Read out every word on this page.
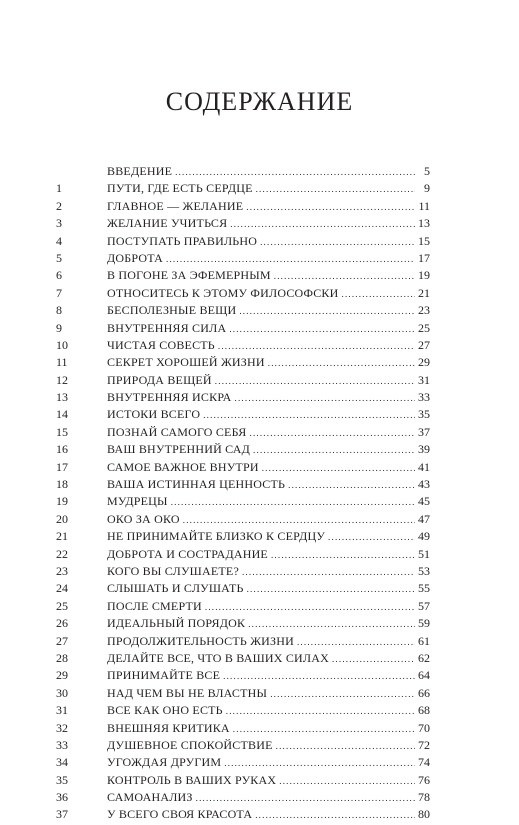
СОДЕРЖАНИЕ
ВВЕДЕНИЕ .....	5
1	ПУТИ, ГДЕ ЕСТЬ СЕРДЦЕ .....	9
2	ГЛАВНОЕ — ЖЕЛАНИЕ .....	11
3	ЖЕЛАНИЕ УЧИТЬСЯ .....	13
4	ПОСТУПАТЬ ПРАВИЛЬНО .....	15
5	ДОБРОТА .....	17
6	В ПОГОНЕ ЗА ЭФЕМЕРНЫМ .....	19
7	ОТНОСИТЕСЬ К ЭТОМУ ФИЛОСОФСКИ .....	21
8	БЕСПОЛЕЗНЫЕ ВЕЩИ .....	23
9	ВНУТРЕННЯЯ СИЛА .....	25
10	ЧИСТАЯ СОВЕСТЬ .....	27
11	СЕКРЕТ ХОРОШЕЙ ЖИЗНИ .....	29
12	ПРИРОДА ВЕЩЕЙ .....	31
13	ВНУТРЕННЯЯ ИСКРА .....	33
14	ИСТОКИ ВСЕГО .....	35
15	ПОЗНАЙ САМОГО СЕБЯ .....	37
16	ВАШ ВНУТРЕННИЙ САД .....	39
17	САМОЕ ВАЖНОЕ ВНУТРИ .....	41
18	ВАША ИСТИННАЯ ЦЕННОСТЬ .....	43
19	МУДРЕЦЫ .....	45
20	ОКО ЗА ОКО .....	47
21	НЕ ПРИНИМАЙТЕ БЛИЗКО К СЕРДЦУ .....	49
22	ДОБРОТА И СОСТРАДАНИЕ .....	51
23	КОГО ВЫ СЛУШАЕТЕ? .....	53
24	СЛЫШАТЬ И СЛУШАТЬ .....	55
25	ПОСЛЕ СМЕРТИ .....	57
26	ИДЕАЛЬНЫЙ ПОРЯДОК .....	59
27	ПРОДОЛЖИТЕЛЬНОСТЬ ЖИЗНИ .....	61
28	ДЕЛАЙТЕ ВСЕ, ЧТО В ВАШИХ СИЛАХ .....	62
29	ПРИНИМАЙТЕ ВСЕ .....	64
30	НАД ЧЕМ ВЫ НЕ ВЛАСТНЫ .....	66
31	ВСЕ КАК ОНО ЕСТЬ .....	68
32	ВНЕШНЯЯ КРИТИКА .....	70
33	ДУШЕВНОЕ СПОКОЙСТВИЕ .....	72
34	УГОЖДАЯ ДРУГИМ .....	74
35	КОНТРОЛЬ В ВАШИХ РУКАХ .....	76
36	САМОАНАЛИЗ .....	78
37	У ВСЕГО СВОЯ КРАСОТА .....	80
